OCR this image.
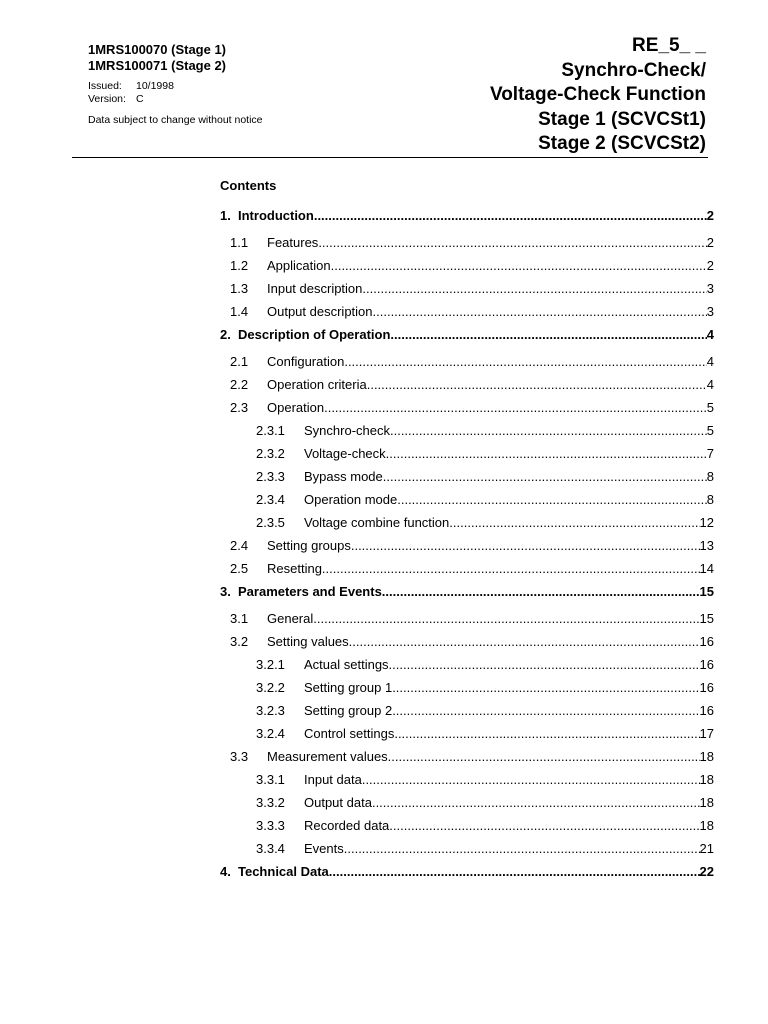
1MRS100070 (Stage 1)
1MRS100071 (Stage 2)
Issued: 10/1998
Version: C
Data subject to change without notice
RE_5_ _
Synchro-Check/
Voltage-Check Function
Stage 1 (SCVCSt1)
Stage 2 (SCVCSt2)
Contents
1. Introduction .....	2
1.1	Features .....	2
1.2	Application .....	2
1.3	Input description .....	3
1.4	Output description .....	3
2. Description of Operation .....	4
2.1	Configuration .....	4
2.2	Operation criteria .....	4
2.3	Operation .....	5
2.3.1	Synchro-check .....	5
2.3.2	Voltage-check .....	7
2.3.3	Bypass mode .....	8
2.3.4	Operation mode .....	8
2.3.5	Voltage combine function .....	12
2.4	Setting groups .....	13
2.5	Resetting .....	14
3. Parameters and Events .....	15
3.1	General .....	15
3.2	Setting values .....	16
3.2.1	Actual settings .....	16
3.2.2	Setting group 1 .....	16
3.2.3	Setting group 2 .....	16
3.2.4	Control settings .....	17
3.3	Measurement values .....	18
3.3.1	Input data .....	18
3.3.2	Output data .....	18
3.3.3	Recorded data .....	18
3.3.4	Events .....	21
4. Technical Data .....	22
